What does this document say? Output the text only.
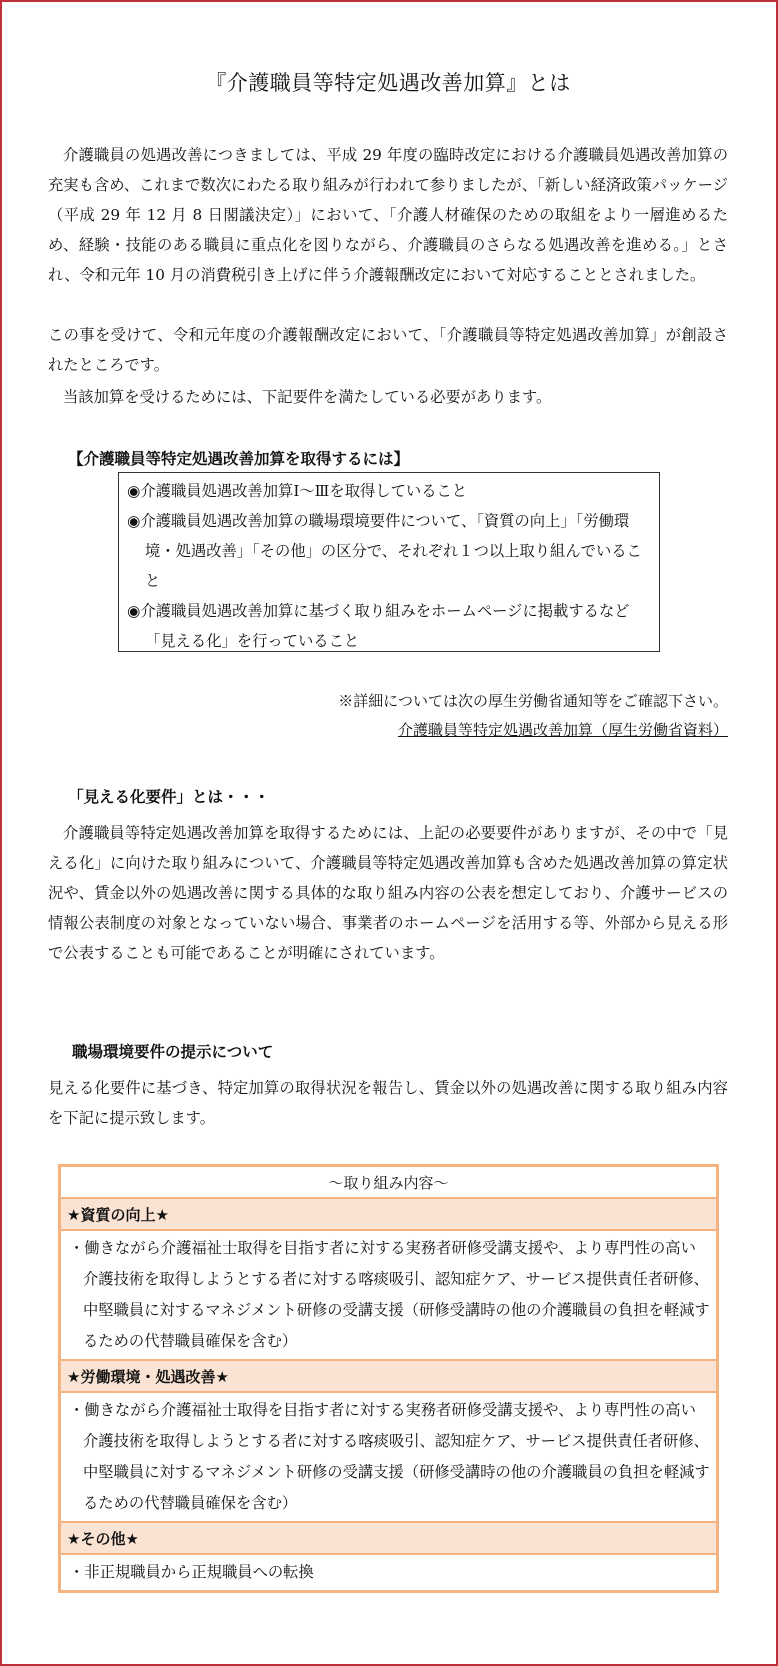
『介護職員等特定処遇改善加算』とは

介護職員の処遇改善につきましては、平成 29 年度の臨時改定における介護職員処遇改善加算の充実も含め、これまで数次にわたる取り組みが行われて参りましたが、「新しい経済政策パッケージ（平成 29 年 12 月 8 日閣議決定）」において、「介護人材確保のための取組をより一層進めるため、経験・技能のある職員に重点化を図りながら、介護職員のさらなる処遇改善を進める。」とされ、令和元年 10 月の消費税引き上げに伴う介護報酬改定において対応することとされました。

この事を受けて、令和元年度の介護報酬改定において、「介護職員等特定処遇改善加算」が創設されたところです。

当該加算を受けるためには、下記要件を満たしている必要があります。

【介護職員等特定処遇改善加算を取得するには】
◉介護職員処遇改善加算Ⅰ～Ⅲを取得していること
◉介護職員処遇改善加算の職場環境要件について、「資質の向上」「労働環境・処遇改善」「その他」の区分で、それぞれ１つ以上取り組んでいること
◉介護職員処遇改善加算に基づく取り組みをホームページに掲載するなど「見える化」を行っていること
※詳細については次の厚生労働省通知等をご確認下さい。
介護職員等特定処遇改善加算（厚生労働省資料）
「見える化要件」とは・・・

介護職員等特定処遇改善加算を取得するためには、上記の必要要件がありますが、その中で「見える化」に向けた取り組みについて、介護職員等特定処遇改善加算も含めた処遇改善加算の算定状況や、賃金以外の処遇改善に関する具体的な取り組み内容の公表を想定しており、介護サービスの情報公表制度の対象となっていない場合、事業者のホームページを活用する等、外部から見える形で公表することも可能であることが明確にされています。

職場環境要件の提示について

見える化要件に基づき、特定加算の取得状況を報告し、賃金以外の処遇改善に関する取り組み内容を下記に提示致します。

～取り組み内容～
★資質の向上★
・働きながら介護福祉士取得を目指す者に対する実務者研修受講支援や、より専門性の高い介護技術を取得しようとする者に対する喀痰吸引、認知症ケア、サービス提供責任者研修、中堅職員に対するマネジメント研修の受講支援（研修受講時の他の介護職員の負担を軽減するための代替職員確保を含む）
★労働環境・処遇改善★
・働きながら介護福祉士取得を目指す者に対する実務者研修受講支援や、より専門性の高い介護技術を取得しようとする者に対する喀痰吸引、認知症ケア、サービス提供責任者研修、中堅職員に対するマネジメント研修の受講支援（研修受講時の他の介護職員の負担を軽減するための代替職員確保を含む）
★その他★
・非正規職員から正規職員への転換
